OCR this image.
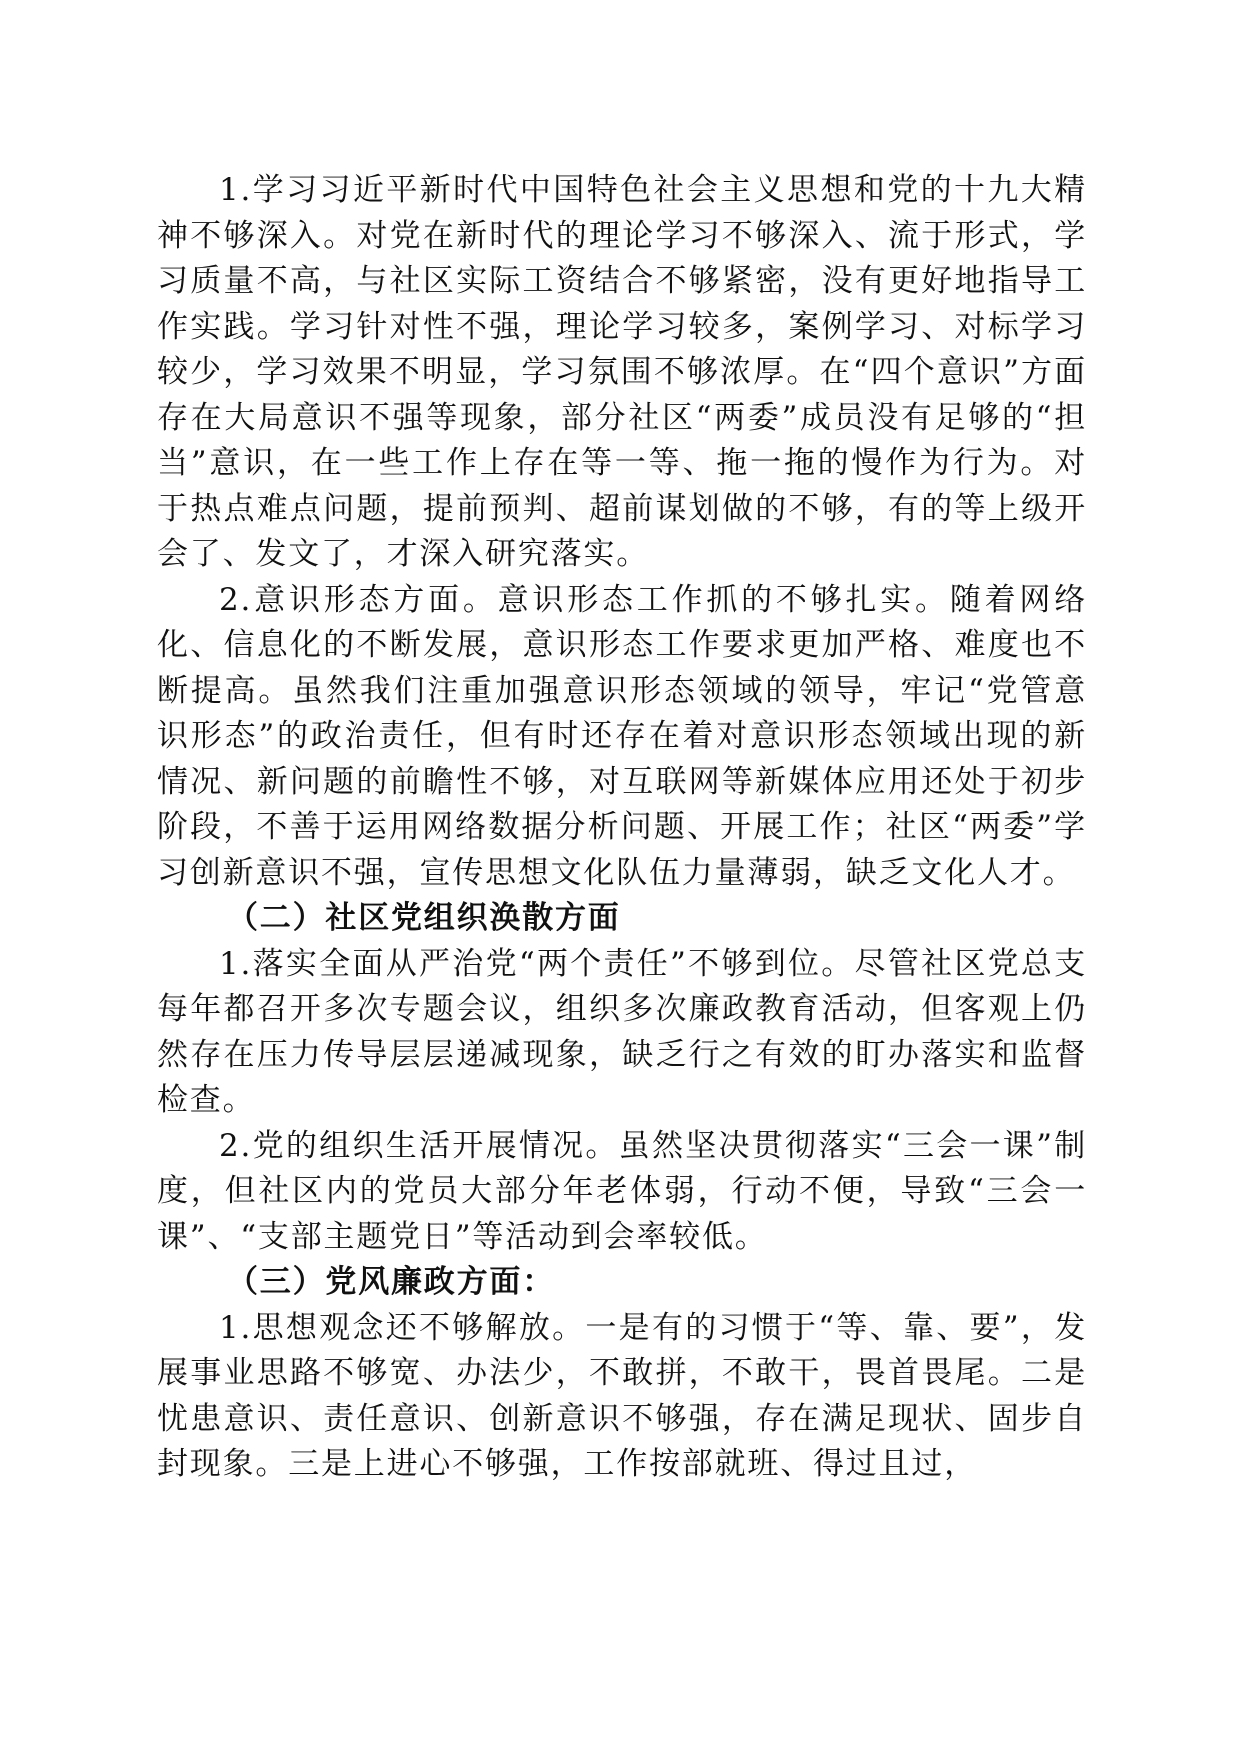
1.学习习近平新时代中国特色社会主义思想和党的十九大精神不够深入。对党在新时代的理论学习不够深入、流于形式，学习质量不高，与社区实际工资结合不够紧密，没有更好地指导工作实践。学习针对性不强，理论学习较多，案例学习、对标学习较少，学习效果不明显，学习氛围不够浓厚。在“四个意识”方面存在大局意识不强等现象，部分社区“两委”成员没有足够的“担当”意识，在一些工作上存在等一等、拖一拖的慢作为行为。对于热点难点问题，提前预判、超前谋划做的不够，有的等上级开会了、发文了，才深入研究落实。

2.意识形态方面。意识形态工作抓的不够扎实。随着网络化、信息化的不断发展，意识形态工作要求更加严格、难度也不断提高。虽然我们注重加强意识形态领域的领导，牢记“党管意识形态”的政治责任，但有时还存在着对意识形态领域出现的新情况、新问题的前瞻性不够，对互联网等新媒体应用还处于初步阶段，不善于运用网络数据分析问题、开展工作；社区“两委”学习创新意识不强，宣传思想文化队伍力量薄弱，缺乏文化人才。

（二）社区党组织涣散方面

1.落实全面从严治党“两个责任”不够到位。尽管社区党总支每年都召开多次专题会议，组织多次廉政教育活动，但客观上仍然存在压力传导层层递减现象，缺乏行之有效的盯办落实和监督检查。

2.党的组织生活开展情况。虽然坚决贯彻落实“三会一课”制度，但社区内的党员大部分年老体弱，行动不便，导致“三会一课”、“支部主题党日”等活动到会率较低。

（三）党风廉政方面：

1.思想观念还不够解放。一是有的习惯于“等、靠、要”，发展事业思路不够宽、办法少，不敢拼，不敢干，畏首畏尾。二是忧患意识、责任意识、创新意识不够强，存在满足现状、固步自封现象。三是上进心不够强，工作按部就班、得过且过，
